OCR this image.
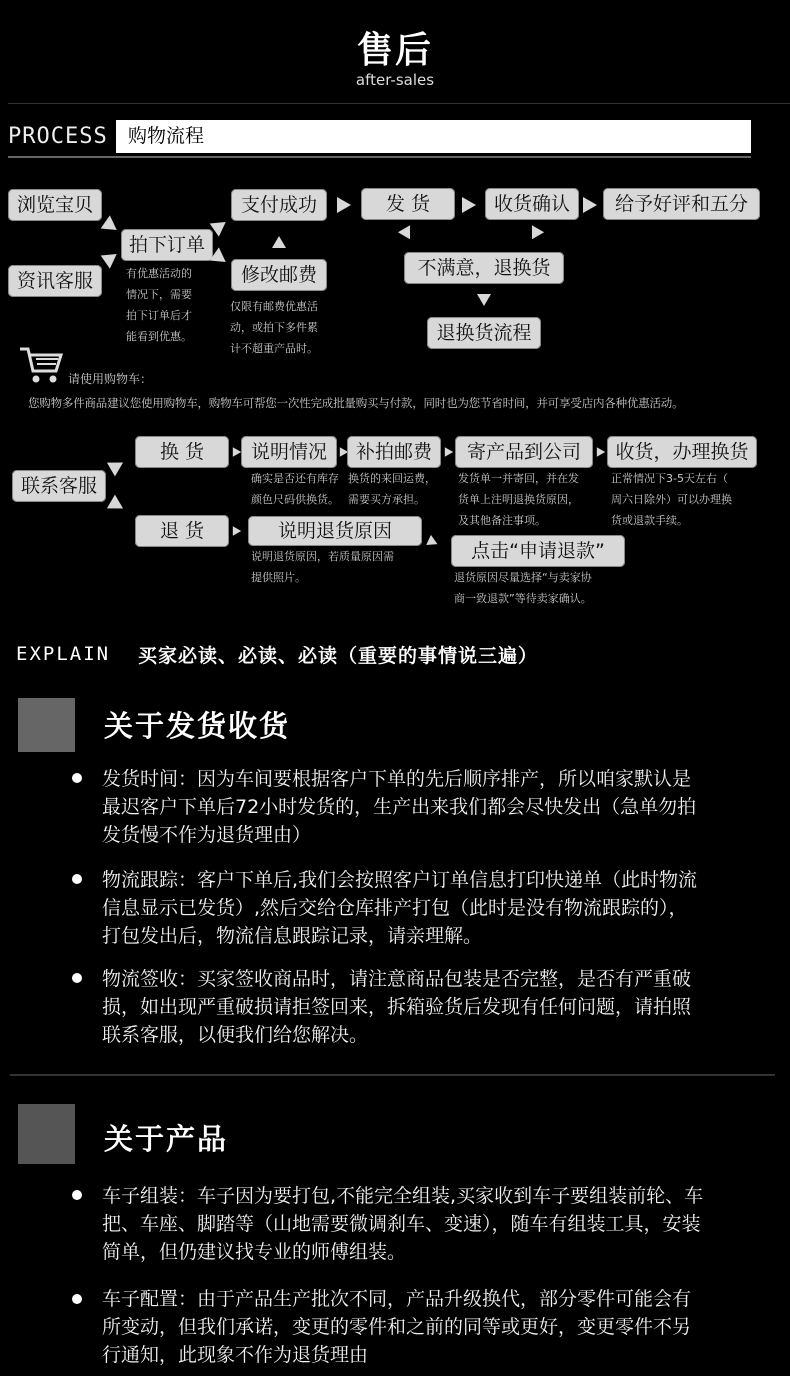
售后
after-sales
PROCESS	购物流程
浏览宝贝
资讯客服
拍下订单
支付成功
修改邮费
发 货	收货确认	给予好评和五分
不满意，退换货
退换货流程
有优惠活动的
情况下，需要
拍下订单后才
能看到优惠。
仅限有邮费优惠活
动，或拍下多件累
计不超重产品时。
请使用购物车：
您购物多件商品建议您使用购物车，购物车可帮您一次性完成批量购买与付款，同时也为您节省时间，并可享受店内各种优惠活动。
联系客服
换 货	说明情况	补拍邮费	寄产品到公司	收货，办理换货
确实是否还有库存
颜色尺码供换货。
换货的来回运费，
需要买方承担。
发货单一并寄回，并在发
货单上注明退换货原因，
及其他备注事项。
正常情况下3-5天左右（
周六日除外）可以办理换
货或退款手续。
退 货	说明退货原因
说明退货原因，若质量原因需
提供照片。
点击“申请退款”
退货原因尽量选择“与卖家协
商一致退款”等待卖家确认。
EXPLAIN 买家必读、必读、必读（重要的事情说三遍）
关于发货收货
发货时间：因为车间要根据客户下单的先后顺序排产，所以咱家默认是
最迟客户下单后72小时发货的，生产出来我们都会尽快发出（急单勿拍
发货慢不作为退货理由）
物流跟踪：客户下单后,我们会按照客户订单信息打印快递单（此时物流
信息显示已发货）,然后交给仓库排产打包（此时是没有物流跟踪的），
打包发出后，物流信息跟踪记录，请亲理解。
物流签收：买家签收商品时，请注意商品包装是否完整，是否有严重破
损，如出现严重破损请拒签回来，拆箱验货后发现有任何问题，请拍照
联系客服，以便我们给您解决。
关于产品
车子组装：车子因为要打包,不能完全组装,买家收到车子要组装前轮、车
把、车座、脚踏等（山地需要微调刹车、变速），随车有组装工具，安装
简单，但仍建议找专业的师傅组装。
车子配置：由于产品生产批次不同，产品升级换代，部分零件可能会有
所变动，但我们承诺，变更的零件和之前的同等或更好，变更零件不另
行通知，此现象不作为退货理由
